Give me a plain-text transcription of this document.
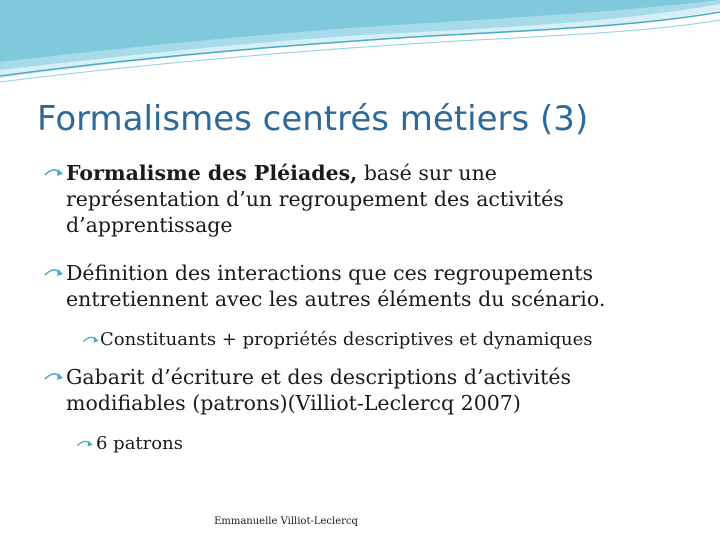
Formalismes centrés métiers (3)
Formalisme des Pléiades, basé sur une
représentation d’un regroupement des activités
d’apprentissage
Définition des interactions que ces regroupements
entretiennent avec les autres éléments du scénario.
Constituants + propriétés descriptives et dynamiques
Gabarit d’écriture et des descriptions d’activités
modifiables (patrons)(Villiot-Leclercq 2007)
6 patrons
Emmanuelle Villiot-Leclercq
